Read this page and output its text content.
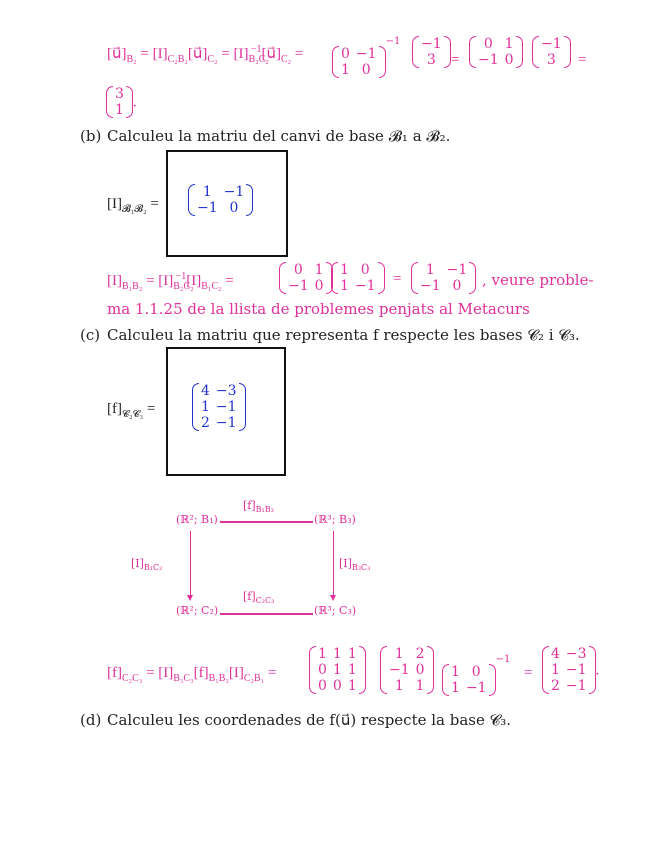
$[u⃗]_{B_2}$ = $[I]_{C_2B_2}[u⃗]_{C_2}$ = $[I]_{B_2C_2}^{-1}[u⃗]_{C_2}$ =	0	−1
1	0
$^{-1}$ −1
3 =
0	1
−1	0
−1
3 =
3
1 .
(b) Calculeu la matriu del canvi de base 𝓑₁ a 𝓑₂.
$[I]_{𝓑_1𝓑_2}$ =
1	−1
−1	0
$[I]_{B_1B_2} = [I]_{B_2C_2}^{-1}[I]_{B_1C_2}$ =
0	1
−1	0
1	0
1	−1 =
1	−1
−1	0 , veure proble-
ma 1.1.25 de la llista de problemes penjats al Metacurs
(c) Calculeu la matriu que representa f respecte les bases 𝓒₂ i 𝓒₃.
$[f]_{𝓒_2𝓒_3}$ =
4	−3
1	−1
2	−1
$[f]_{B_1B_3}$
(ℝ²; B₁)	(ℝ³; B₃)
$[I]_{B_1C_2}$	$[I]_{B_3C_3}$
$[f]_{C_2C_3}$
(ℝ²; C₂)	(ℝ³; C₃)
$[f]_{C_2C_3} = [I]_{B_3C_3}[f]_{B_1B_3}[I]_{C_2B_1}$ =
1	1	1
0	1	1
0	0	1
1	2
−1	0
1	1
1	0
1	−1
$^{-1}$
=
4	−3
1	−1
2	−1
.
(d) Calculeu les coordenades de f(u⃗) respecte la base 𝓒₃.
